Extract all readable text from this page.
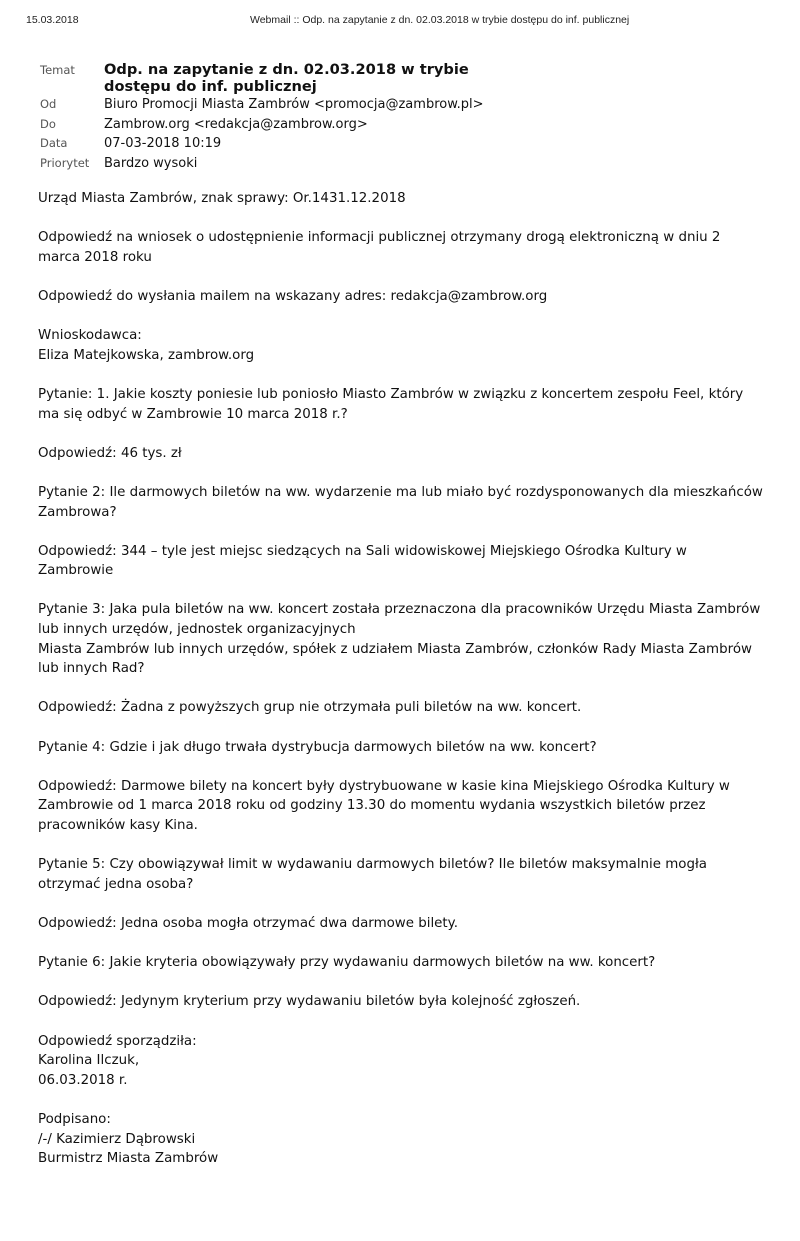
15.03.2018	Webmail :: Odp. na zapytanie z dn. 02.03.2018 w trybie dostępu do inf. publicznej
Temat	Odp. na zapytanie z dn. 02.03.2018 w trybie
dostępu do inf. publicznej
Od	Biuro Promocji Miasta Zambrów <promocja@zambrow.pl>
Do	Zambrow.org <redakcja@zambrow.org>
Data	07-03-2018 10:19
Priorytet	Bardzo wysoki
Urząd Miasta Zambrów, znak sprawy: Or.1431.12.2018
Odpowiedź na wniosek o udostępnienie informacji publicznej otrzymany drogą elektroniczną w dniu 2
marca 2018 roku
Odpowiedź do wysłania mailem na wskazany adres: redakcja@zambrow.org
Wnioskodawca:
Eliza Matejkowska, zambrow.org
Pytanie: 1. Jakie koszty poniesie lub poniosło Miasto Zambrów w związku z koncertem zespołu Feel, który
ma się odbyć w Zambrowie 10 marca 2018 r.?
Odpowiedź: 46 tys. zł
Pytanie 2: Ile darmowych biletów na ww. wydarzenie ma lub miało być rozdysponowanych dla mieszkańców
Zambrowa?
Odpowiedź: 344 – tyle jest miejsc siedzących na Sali widowiskowej Miejskiego Ośrodka Kultury w
Zambrowie
Pytanie 3: Jaka pula biletów na ww. koncert została przeznaczona dla pracowników Urzędu Miasta Zambrów
lub innych urzędów, jednostek organizacyjnych
Miasta Zambrów lub innych urzędów, spółek z udziałem Miasta Zambrów, członków Rady Miasta Zambrów
lub innych Rad?
Odpowiedź: Żadna z powyższych grup nie otrzymała puli biletów na ww. koncert.
Pytanie 4: Gdzie i jak długo trwała dystrybucja darmowych biletów na ww. koncert?
Odpowiedź: Darmowe bilety na koncert były dystrybuowane w kasie kina Miejskiego Ośrodka Kultury w
Zambrowie od 1 marca 2018 roku od godziny 13.30 do momentu wydania wszystkich biletów przez
pracowników kasy Kina.
Pytanie 5: Czy obowiązywał limit w wydawaniu darmowych biletów? Ile biletów maksymalnie mogła
otrzymać jedna osoba?
Odpowiedź: Jedna osoba mogła otrzymać dwa darmowe bilety.
Pytanie 6: Jakie kryteria obowiązywały przy wydawaniu darmowych biletów na ww. koncert?
Odpowiedź: Jedynym kryterium przy wydawaniu biletów była kolejność zgłoszeń.
Odpowiedź sporządziła:
Karolina Ilczuk,
06.03.2018 r.
Podpisano:
/-/ Kazimierz Dąbrowski
Burmistrz Miasta Zambrów
